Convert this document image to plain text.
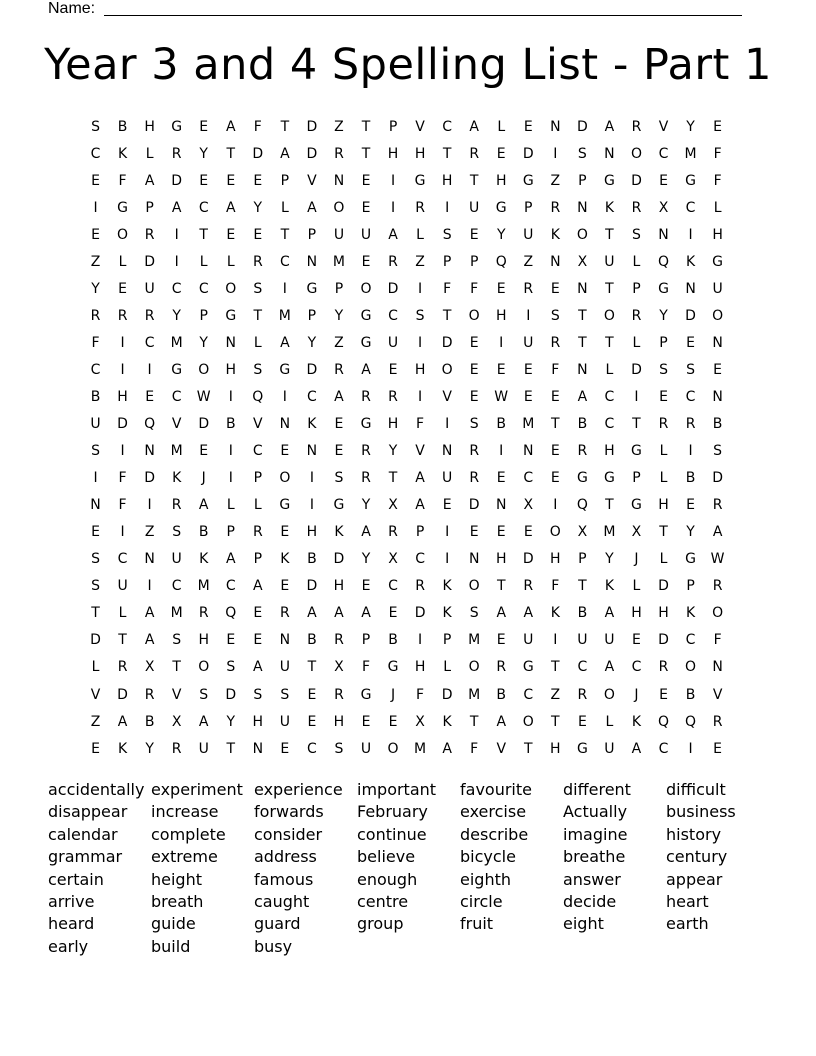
Name:
Year 3 and 4 Spelling List - Part 1
S	B	H	G	E	A	F	T	D	Z	T	P	V	C	A	L	E	N	D	A	R	V	Y	E
C	K	L	R	Y	T	D	A	D	R	T	H	H	T	R	E	D	I	S	N	O	C	M	F
E	F	A	D	E	E	E	P	V	N	E	I	G	H	T	H	G	Z	P	G	D	E	G	F
I	G	P	A	C	A	Y	L	A	O	E	I	R	I	U	G	P	R	N	K	R	X	C	L
E	O	R	I	T	E	E	T	P	U	U	A	L	S	E	Y	U	K	O	T	S	N	I	H
Z	L	D	I	L	L	R	C	N	M	E	R	Z	P	P	Q	Z	N	X	U	L	Q	K	G
Y	E	U	C	C	O	S	I	G	P	O	D	I	F	F	E	R	E	N	T	P	G	N	U
R	R	R	Y	P	G	T	M	P	Y	G	C	S	T	O	H	I	S	T	O	R	Y	D	O
F	I	C	M	Y	N	L	A	Y	Z	G	U	I	D	E	I	U	R	T	T	L	P	E	N
C	I	I	G	O	H	S	G	D	R	A	E	H	O	E	E	E	F	N	L	D	S	S	E
B	H	E	C	W	I	Q	I	C	A	R	R	I	V	E	W	E	E	A	C	I	E	C	N
U	D	Q	V	D	B	V	N	K	E	G	H	F	I	S	B	M	T	B	C	T	R	R	B
S	I	N	M	E	I	C	E	N	E	R	Y	V	N	R	I	N	E	R	H	G	L	I	S
I	F	D	K	J	I	P	O	I	S	R	T	A	U	R	E	C	E	G	G	P	L	B	D
N	F	I	R	A	L	L	G	I	G	Y	X	A	E	D	N	X	I	Q	T	G	H	E	R
E	I	Z	S	B	P	R	E	H	K	A	R	P	I	E	E	E	O	X	M	X	T	Y	A
S	C	N	U	K	A	P	K	B	D	Y	X	C	I	N	H	D	H	P	Y	J	L	G	W
S	U	I	C	M	C	A	E	D	H	E	C	R	K	O	T	R	F	T	K	L	D	P	R
T	L	A	M	R	Q	E	R	A	A	A	E	D	K	S	A	A	K	B	A	H	H	K	O
D	T	A	S	H	E	E	N	B	R	P	B	I	P	M	E	U	I	U	U	E	D	C	F
L	R	X	T	O	S	A	U	T	X	F	G	H	L	O	R	G	T	C	A	C	R	O	N
V	D	R	V	S	D	S	S	E	R	G	J	F	D	M	B	C	Z	R	O	J	E	B	V
Z	A	B	X	A	Y	H	U	E	H	E	E	X	K	T	A	O	T	E	L	K	Q	Q	R
E	K	Y	R	U	T	N	E	C	S	U	O	M	A	F	V	T	H	G	U	A	C	I	E
accidentally experiment experience important	favourite	different	difficult
disappear	increase	forwards	February	exercise	Actually	business
calendar	complete	consider	continue	describe	imagine	history
grammar	extreme	address	believe	bicycle	breathe	century
certain	height	famous	enough	eighth	answer	appear
arrive	breath	caught	centre	circle	decide	heart
heard	guide	guard	group	fruit	eight	earth
early	build	busy
